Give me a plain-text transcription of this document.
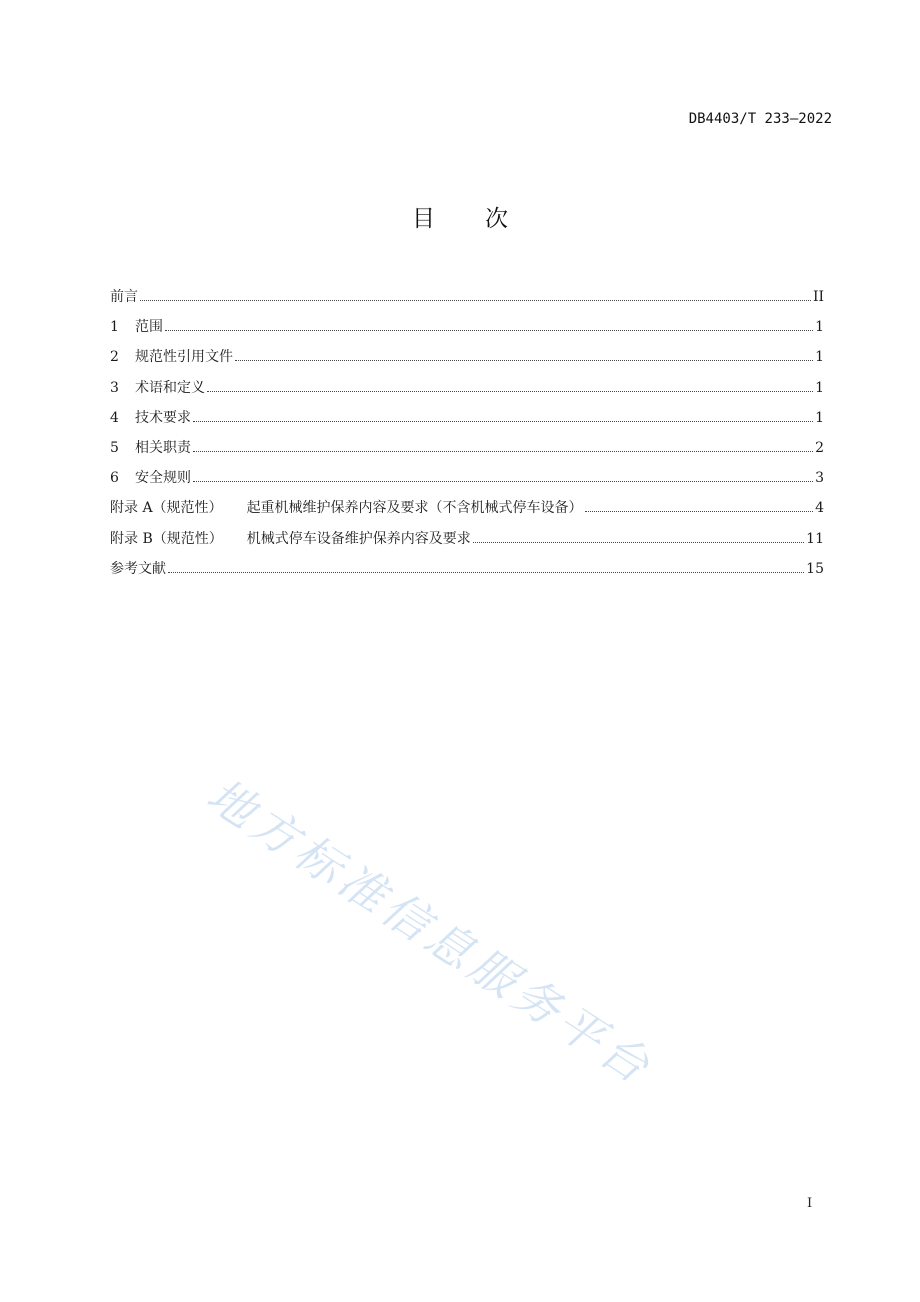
DB4403/T 233—2022
目 次
前言	II
1	范围	1
2	规范性引用文件	1
3	术语和定义	1
4	技术要求	1
5	相关职责	2
6	安全规则	3
附录 A（规范性） 起重机械维护保养内容及要求（不含机械式停车设备）	4
附录 B（规范性） 机械式停车设备维护保养内容及要求	11
参考文献	15
地方标准信息服务平台
I
